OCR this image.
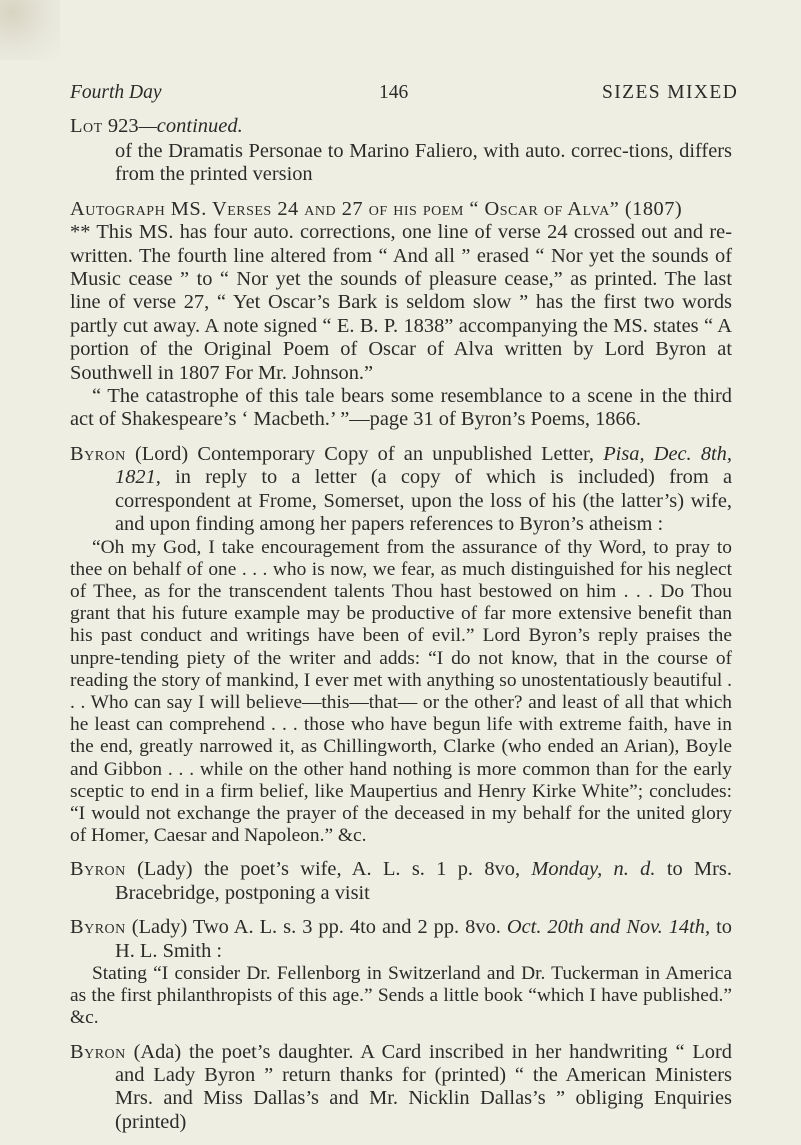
Fourth Day	146	SIZES MIXED
Lot 923—continued.

of the Dramatis Personae to Marino Faliero, with auto. correc-tions, differs from the printed version

Autograph MS. Verses 24 and 27 of his poem “ Oscar of Alva” (1807)

** This MS. has four auto. corrections, one line of verse 24 crossed out and re-written. The fourth line altered from “ And all ” erased “ Nor yet the sounds of Music cease ” to “ Nor yet the sounds of pleasure cease,” as printed. The last line of verse 27, “ Yet Oscar’s Bark is seldom slow ” has the first two words partly cut away. A note signed “ E. B. P. 1838” accompanying the MS. states “ A portion of the Original Poem of Oscar of Alva written by Lord Byron at Southwell in 1807 For Mr. Johnson.”

“ The catastrophe of this tale bears some resemblance to a scene in the third act of Shakespeare’s ‘ Macbeth.’ ”—page 31 of Byron’s Poems, 1866.

Byron (Lord) Contemporary Copy of an unpublished Letter, Pisa, Dec. 8th, 1821, in reply to a letter (a copy of which is included) from a correspondent at Frome, Somerset, upon the loss of his (the latter’s) wife, and upon finding among her papers references to Byron’s atheism :

“Oh my God, I take encouragement from the assurance of thy Word, to pray to thee on behalf of one . . . who is now, we fear, as much distinguished for his neglect of Thee, as for the transcendent talents Thou hast bestowed on him . . . Do Thou grant that his future example may be productive of far more extensive benefit than his past conduct and writings have been of evil.” Lord Byron’s reply praises the unpre-tending piety of the writer and adds: “I do not know, that in the course of reading the story of mankind, I ever met with anything so unostentatiously beautiful . . . Who can say I will believe—this—that— or the other? and least of all that which he least can comprehend . . . those who have begun life with extreme faith, have in the end, greatly narrowed it, as Chillingworth, Clarke (who ended an Arian), Boyle and Gibbon . . . while on the other hand nothing is more common than for the early sceptic to end in a firm belief, like Maupertius and Henry Kirke White”; concludes: “I would not exchange the prayer of the deceased in my behalf for the united glory of Homer, Caesar and Napoleon.” &c.

Byron (Lady) the poet’s wife, A. L. s. 1 p. 8vo, Monday, n. d. to Mrs. Bracebridge, postponing a visit

Byron (Lady) Two A. L. s. 3 pp. 4to and 2 pp. 8vo. Oct. 20th and Nov. 14th, to H. L. Smith :

Stating “I consider Dr. Fellenborg in Switzerland and Dr. Tuckerman in America as the first philanthropists of this age.” Sends a little book “which I have published.” &c.

Byron (Ada) the poet’s daughter. A Card inscribed in her handwriting “ Lord and Lady Byron ” return thanks for (printed) “ the American Ministers Mrs. and Miss Dallas’s and Mr. Nicklin Dallas’s ” obliging Enquiries (printed)
